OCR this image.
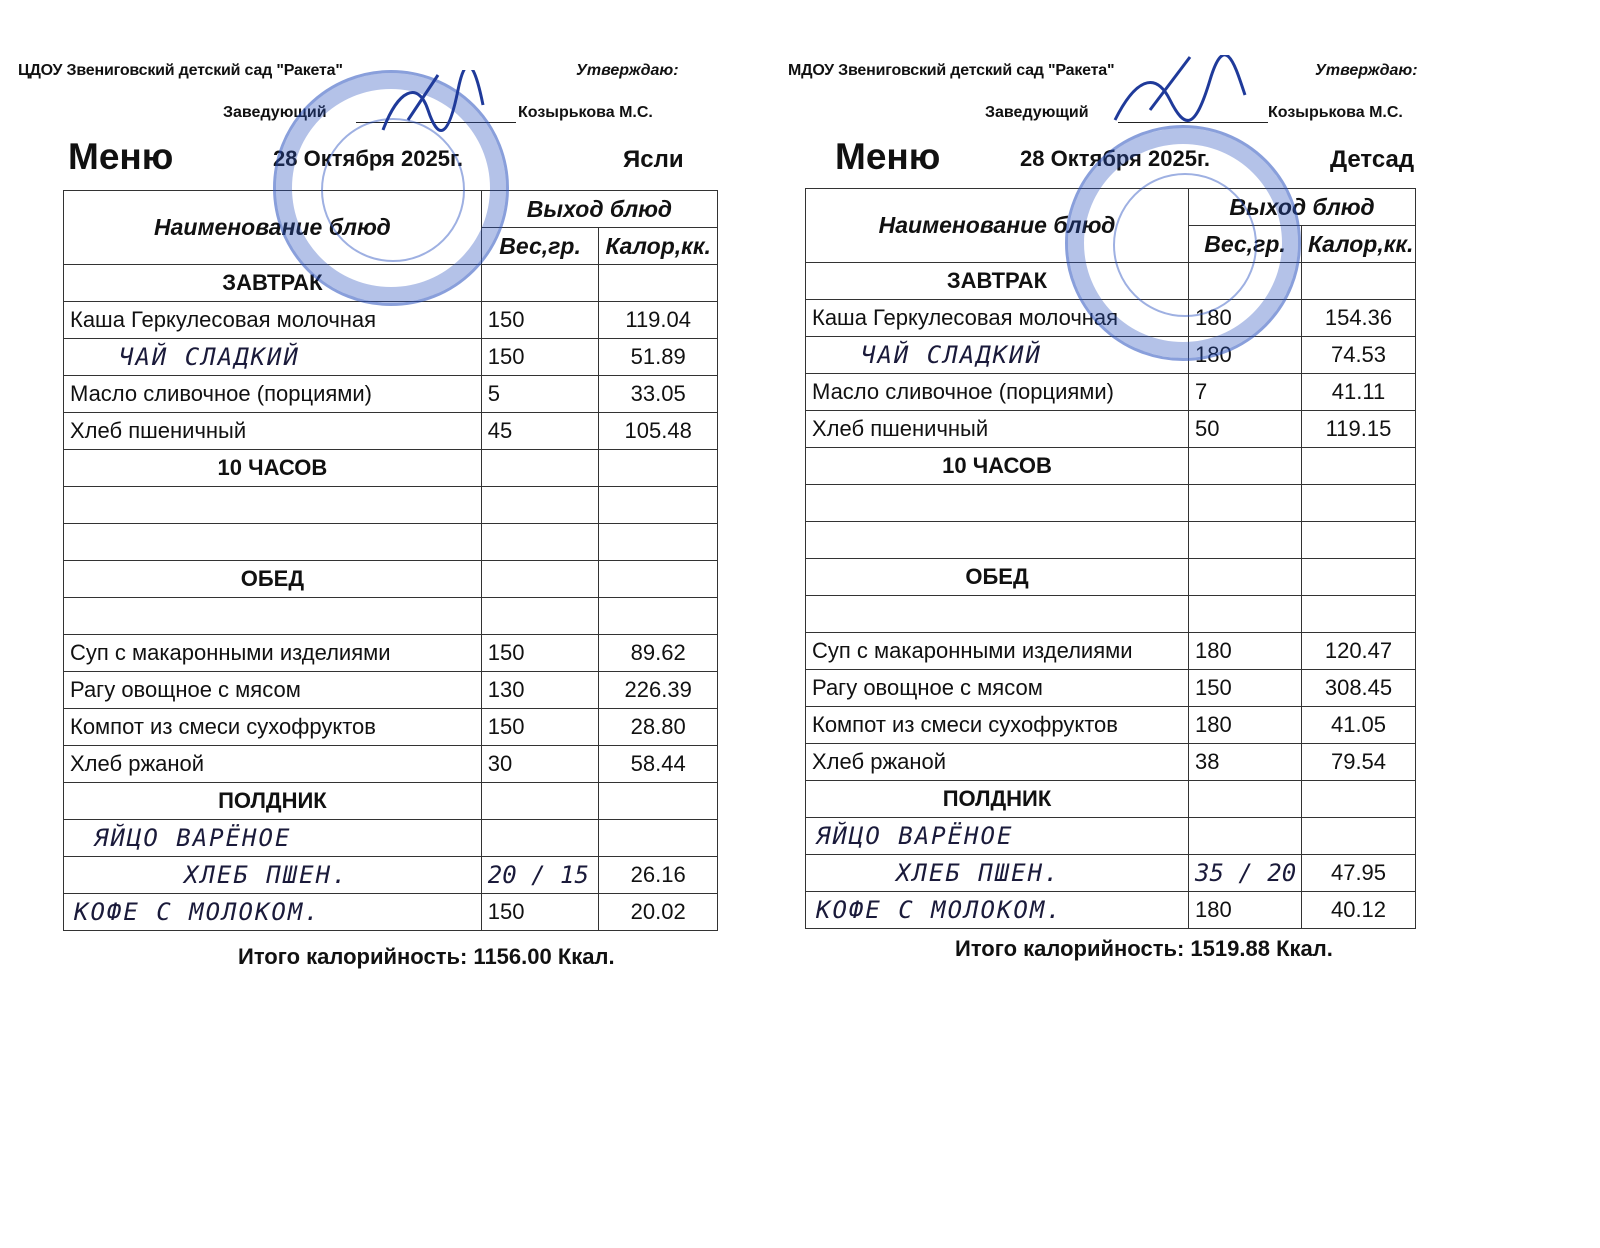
ЦДОУ Звениговский детский сад "Ракета"	Утверждаю:
Заведующий	Козырькова М.С.
Меню	28 Октября 2025г.	Ясли
Наименование блюд	Выход блюд	
	Вес,гр.	Калор,кк.
ЗАВТРАК		
Каша Геркулесовая молочная	150	119.04
ЧАЙ СЛАДКИЙ	150	51.89
Масло сливочное (порциями)	5	33.05
Хлеб пшеничный	45	105.48
10 ЧАСОВ		

ОБЕД		

Суп с макаронными изделиями	150	89.62
Рагу овощное с мясом	130	226.39
Компот из смеси сухофруктов	150	28.80
Хлеб ржаной	30	58.44
ПОЛДНИК		
ЯЙЦО ВАРЁНОЕ		
ХЛЕБ ПШЕН.	20 / 15	26.16
КОФЕ С МОЛОКОМ.	150	20.02
Итого калорийность: 1156.00 Ккал.
МДОУ Звениговский детский сад "Ракета"	Утверждаю:
Заведующий	Козырькова М.С.
Меню	28 Октября 2025г.	Детсад
Наименование блюд	Выход блюд	
	Вес,гр.	Калор,кк.
ЗАВТРАК		
Каша Геркулесовая молочная	180	154.36
ЧАЙ СЛАДКИЙ	180	74.53
Масло сливочное (порциями)	7	41.11
Хлеб пшеничный	50	119.15
10 ЧАСОВ		

ОБЕД		

Суп с макаронными изделиями	180	120.47
Рагу овощное с мясом	150	308.45
Компот из смеси сухофруктов	180	41.05
Хлеб ржаной	38	79.54
ПОЛДНИК		
ЯЙЦО ВАРЁНОЕ		
ХЛЕБ ПШЕН.	35 / 20	47.95
КОФЕ С МОЛОКОМ.	180	40.12
Итого калорийность: 1519.88 Ккал.
